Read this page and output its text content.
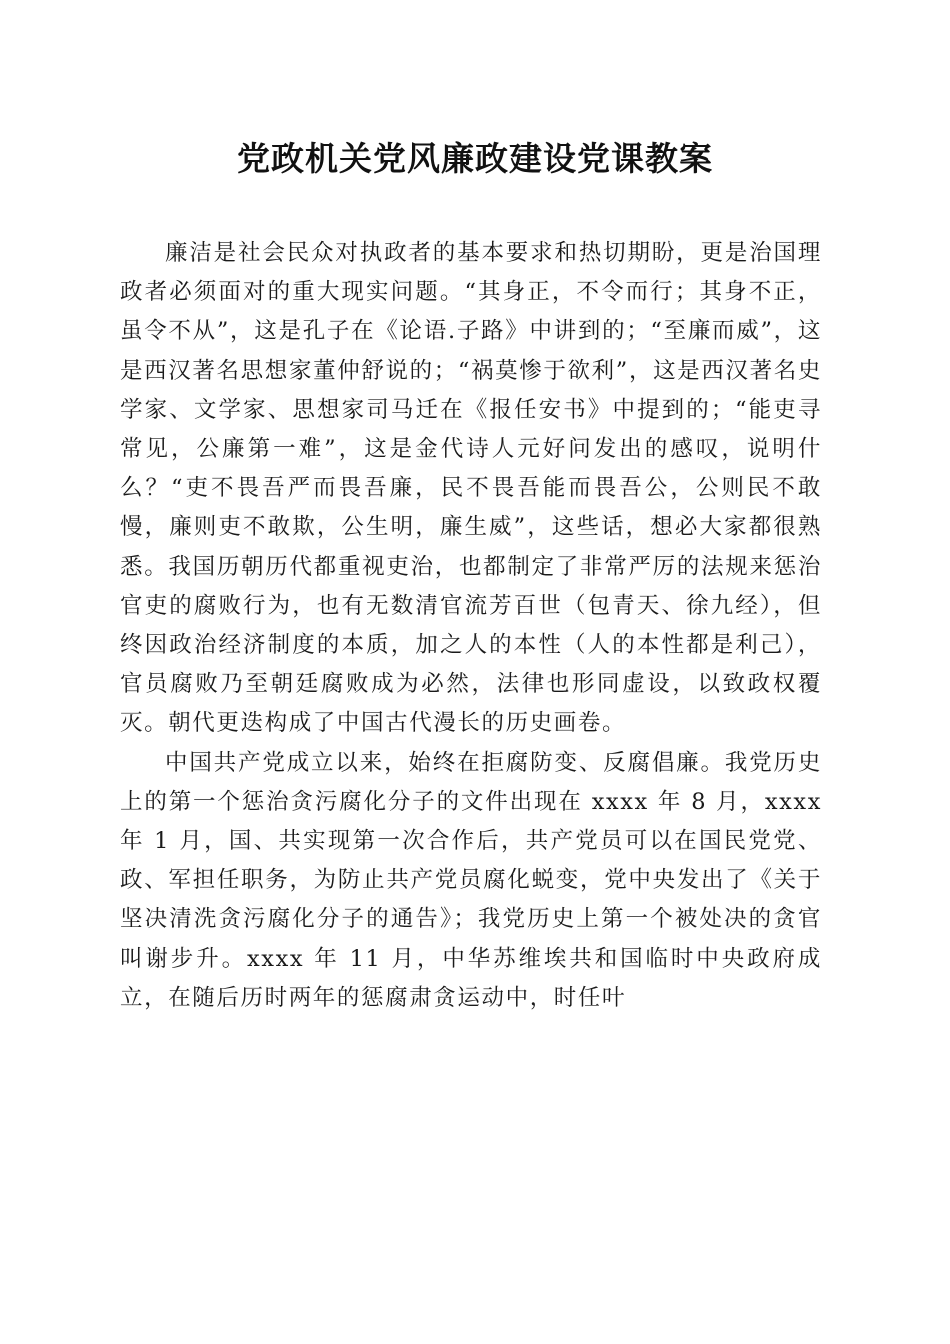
党政机关党风廉政建设党课教案

廉洁是社会民众对执政者的基本要求和热切期盼，更是治国理政者必须面对的重大现实问题。“其身正，不令而行；其身不正，虽令不从”，这是孔子在《论语.子路》中讲到的；“至廉而威”，这是西汉著名思想家董仲舒说的；“祸莫惨于欲利”，这是西汉著名史学家、文学家、思想家司马迁在《报任安书》中提到的；“能吏寻常见，公廉第一难”，这是金代诗人元好问发出的感叹，说明什么？“吏不畏吾严而畏吾廉，民不畏吾能而畏吾公，公则民不敢慢，廉则吏不敢欺，公生明，廉生威”，这些话，想必大家都很熟悉。我国历朝历代都重视吏治，也都制定了非常严厉的法规来惩治官吏的腐败行为，也有无数清官流芳百世（包青天、徐九经），但终因政治经济制度的本质，加之人的本性（人的本性都是利己），官员腐败乃至朝廷腐败成为必然，法律也形同虚设，以致政权覆灭。朝代更迭构成了中国古代漫长的历史画卷。

中国共产党成立以来，始终在拒腐防变、反腐倡廉。我党历史上的第一个惩治贪污腐化分子的文件出现在 xxxx 年 8 月，xxxx 年 1 月，国、共实现第一次合作后，共产党员可以在国民党党、政、军担任职务，为防止共产党员腐化蜕变，党中央发出了《关于坚决清洗贪污腐化分子的通告》；我党历史上第一个被处决的贪官叫谢步升。xxxx 年 11 月，中华苏维埃共和国临时中央政府成立，在随后历时两年的惩腐肃贪运动中，时任叶
